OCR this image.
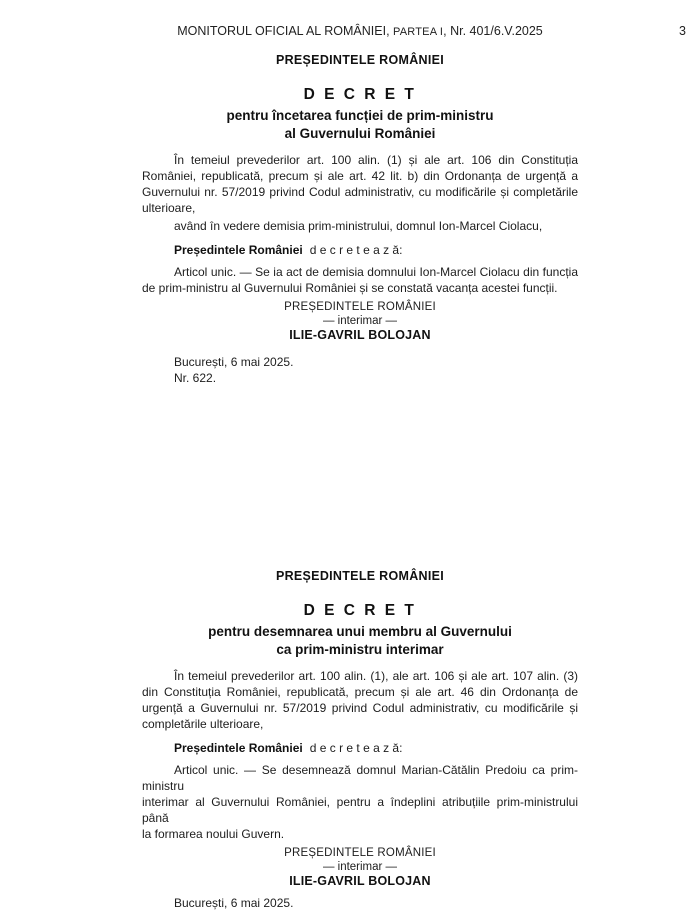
MONITORUL OFICIAL AL ROMÂNIEI, PARTEA I, Nr. 401/6.V.2025	3
PREȘEDINTELE ROMÂNIEI
D E C R E T
pentru încetarea funcției de prim-ministru
al Guvernului României
În temeiul prevederilor art. 100 alin. (1) și ale art. 106 din Constituția
României, republicată, precum și ale art. 42 lit. b) din Ordonanța de urgență a
Guvernului nr. 57/2019 privind Codul administrativ, cu modificările și completările
ulterioare,
având în vedere demisia prim-ministrului, domnul Ion-Marcel Ciolacu,
Președintele României d e c r e t e a z ă:
Articol unic. — Se ia act de demisia domnului Ion-Marcel Ciolacu din funcția
de prim-ministru al Guvernului României și se constată vacanța acestei funcții.
PREȘEDINTELE ROMÂNIEI
— interimar —
ILIE-GAVRIL BOLOJAN
București, 6 mai 2025.
Nr. 622.
PREȘEDINTELE ROMÂNIEI
D E C R E T
pentru desemnarea unui membru al Guvernului
ca prim-ministru interimar
În temeiul prevederilor art. 100 alin. (1), ale art. 106 și ale art. 107 alin. (3)
din Constituția României, republicată, precum și ale art. 46 din Ordonanța de
urgență a Guvernului nr. 57/2019 privind Codul administrativ, cu modificările și
completările ulterioare,
Președintele României d e c r e t e a z ă:
Articol unic. — Se desemnează domnul Marian-Cătălin Predoiu ca prim-ministru
interimar al Guvernului României, pentru a îndeplini atribuțiile prim-ministrului până
la formarea noului Guvern.
PREȘEDINTELE ROMÂNIEI
— interimar —
ILIE-GAVRIL BOLOJAN
București, 6 mai 2025.
